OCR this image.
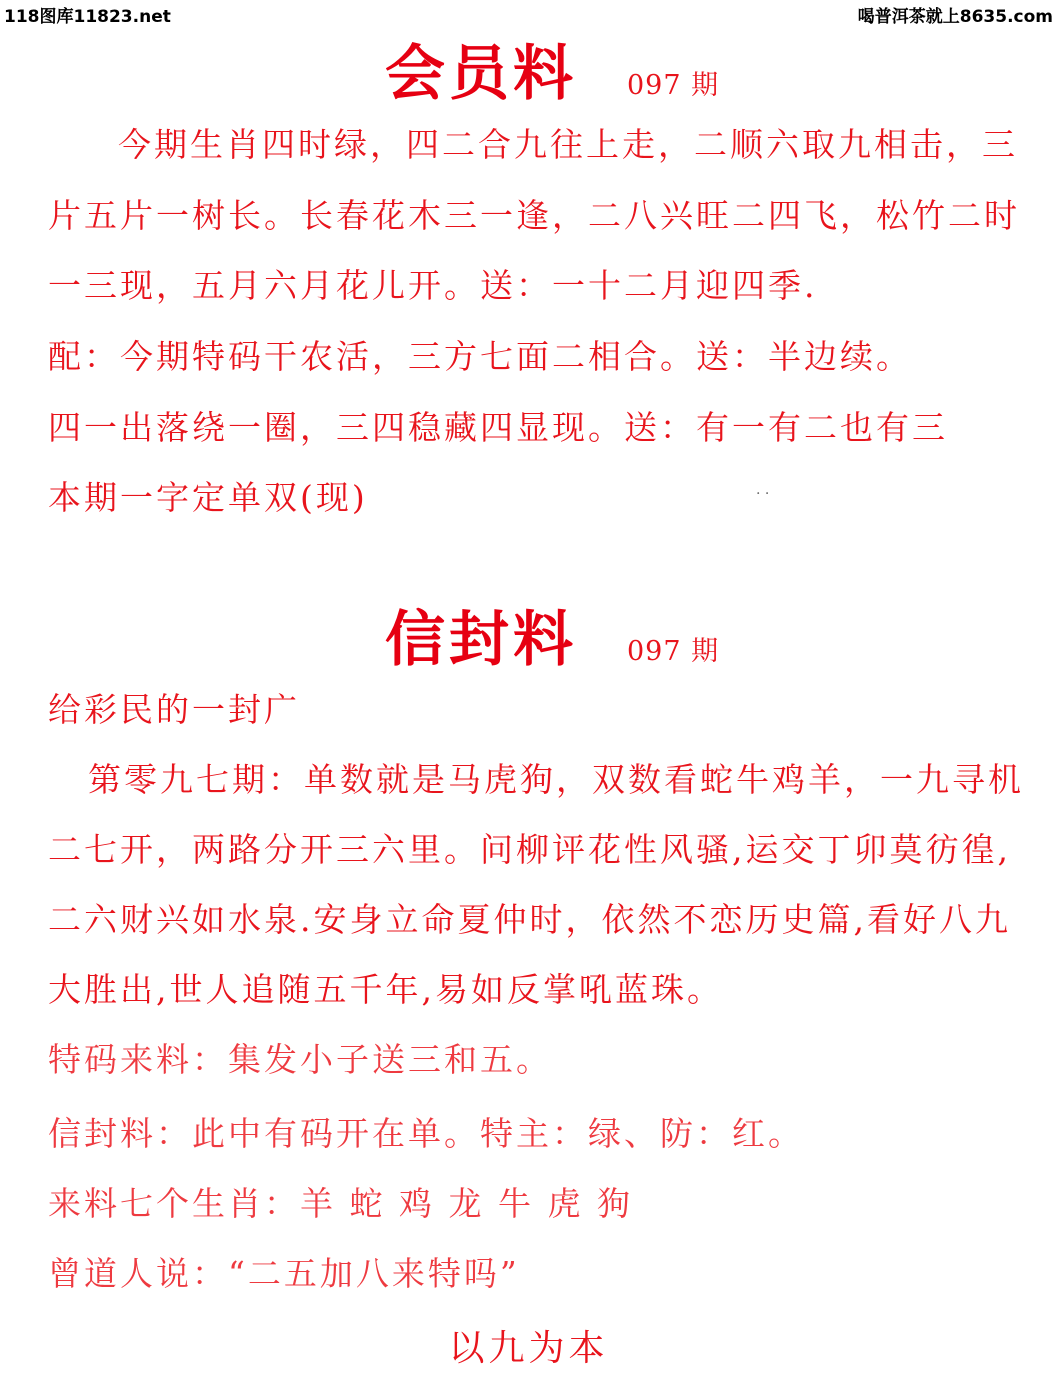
118图库11823.net	喝普洱茶就上8635.com
会员料 097 期
今期生肖四时绿，四二合九往上走，二顺六取九相击，三
片五片一树长。长春花木三一逢，二八兴旺二四飞，松竹二时
一三现，五月六月花儿开。送：一十二月迎四季.
配：今期特码干农活，三方七面二相合。送：半边续。
四一出落绕一圈，三四稳藏四显现。送：有一有二也有三
本期一字定单双(现)	. .
信封料 097 期
给彩民的一封广
第零九七期：单数就是马虎狗，双数看蛇牛鸡羊，一九寻机
二七开，两路分开三六里。问柳评花性风骚,运交丁卯莫彷徨,
二六财兴如水泉.安身立命夏仲时，依然不恋历史篇,看好八九
大胜出,世人追随五千年,易如反掌吼蓝珠。
特码来料：集发小子送三和五。
信封料：此中有码开在单。特主：绿、防：红。
来料七个生肖：羊 蛇 鸡 龙 牛 虎 狗
曾道人说：“二五加八来特吗”
以九为本
